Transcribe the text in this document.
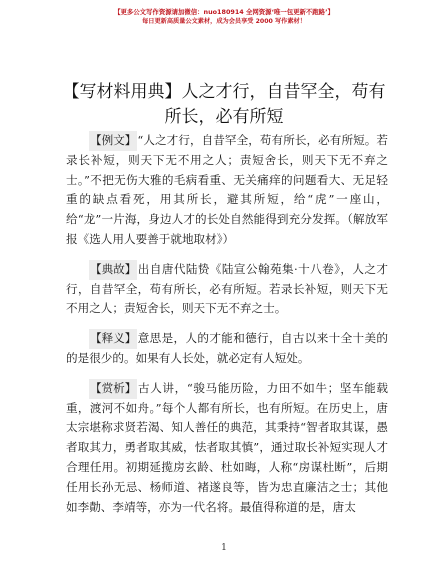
【更多公文写作资源请加微信：nuo180914 全网资源‘唯一包更新不跑路’】
每日更新高质量公文素材，成为会员享受 2000 写作素材！
【写材料用典】人之才行，自昔罕全，苟有所长，必有所短

【例文】“人之才行，自昔罕全，苟有所长，必有所短。若录长补短，则天下无不用之人；责短舍长，则天下无不弃之士。”不把无伤大雅的毛病看重、无关痛痒的问题看大、无足轻重的缺点看死，用其所长，避其所短，给“虎”一座山，给“龙”一片海，身边人才的长处自然能得到充分发挥。（解放军报《选人用人要善于就地取材》）

【典故】出自唐代陆贽《陆宣公翰苑集·十八卷》，人之才行，自昔罕全，苟有所长，必有所短。若录长补短，则天下无不用之人；责短舍长，则天下无不弃之士。

【释义】意思是，人的才能和德行，自古以来十全十美的的是很少的。如果有人长处，就必定有人短处。

【赏析】古人讲，“骏马能历险，力田不如牛；坚车能载重，渡河不如舟。”每个人都有所长，也有所短。在历史上，唐太宗堪称求贤若渴、知人善任的典范，其秉持“智者取其谋，愚者取其力，勇者取其威，怯者取其慎”，通过取长补短实现人才合理任用。初期延揽房玄龄、杜如晦，人称“房谋杜断”，后期任用长孙无忌、杨师道、褚遂良等，皆为忠直廉洁之士；其他如李勣、李靖等，亦为一代名将。最值得称道的是，唐太

1
